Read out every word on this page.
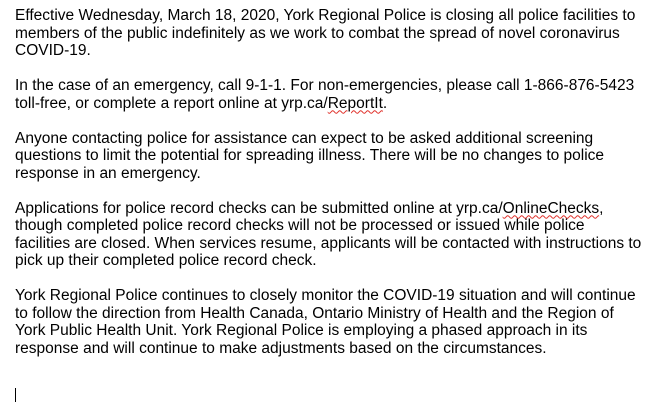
Effective Wednesday, March 18, 2020, York Regional Police is closing all police facilities to members of the public indefinitely as we work to combat the spread of novel coronavirus COVID-19.

In the case of an emergency, call 9-1-1. For non-emergencies, please call 1-866-876-5423 toll-free, or complete a report online at yrp.ca/ReportIt.

Anyone contacting police for assistance can expect to be asked additional screening questions to limit the potential for spreading illness. There will be no changes to police response in an emergency.

Applications for police record checks can be submitted online at yrp.ca/OnlineChecks, though completed police record checks will not be processed or issued while police facilities are closed. When services resume, applicants will be contacted with instructions to pick up their completed police record check.

York Regional Police continues to closely monitor the COVID-19 situation and will continue to follow the direction from Health Canada, Ontario Ministry of Health and the Region of York Public Health Unit. York Regional Police is employing a phased approach in its response and will continue to make adjustments based on the circumstances.
